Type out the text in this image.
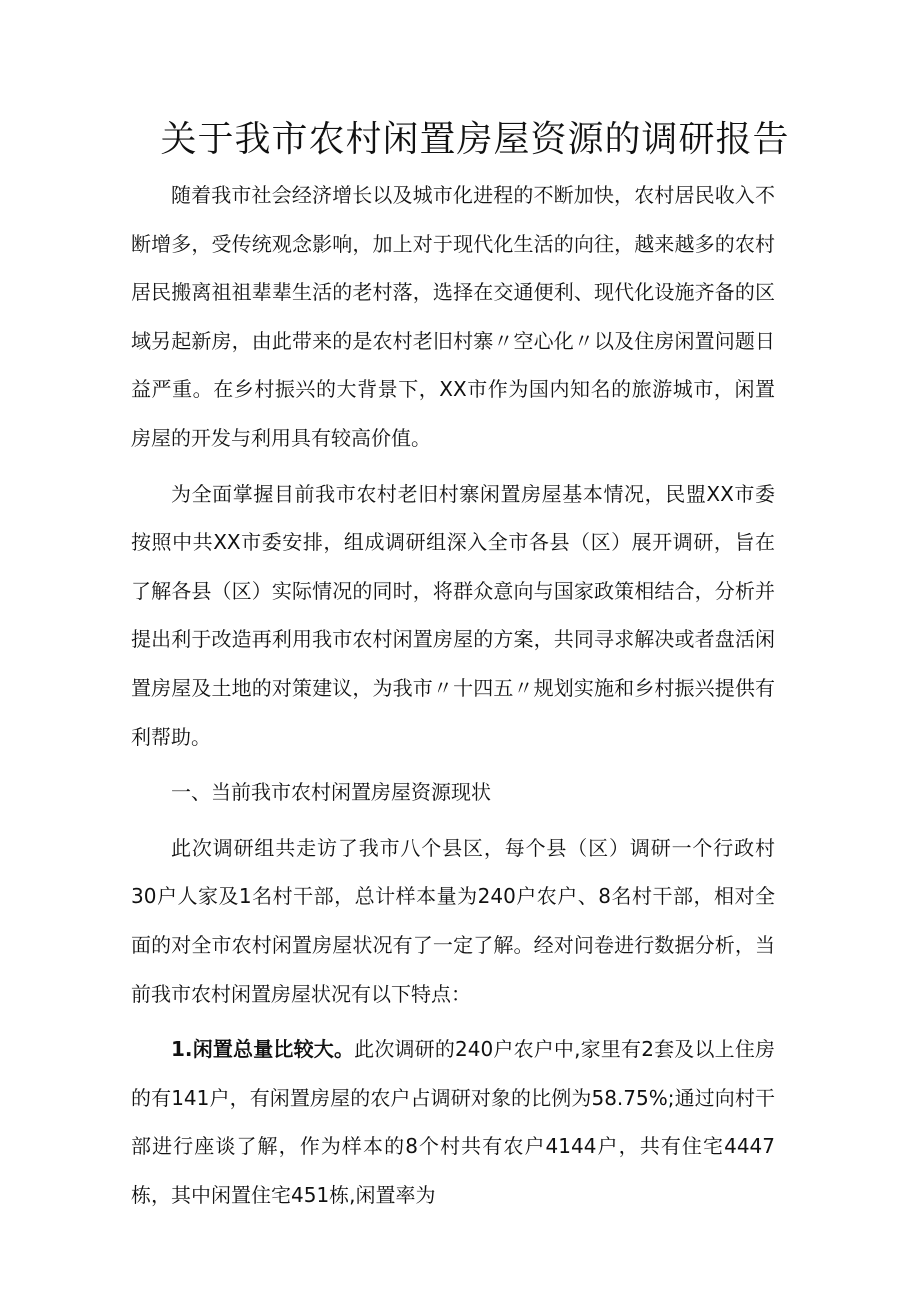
关于我市农村闲置房屋资源的调研报告

随着我市社会经济增长以及城市化进程的不断加快，农村居民收入不断增多，受传统观念影响，加上对于现代化生活的向往，越来越多的农村居民搬离祖祖辈辈生活的老村落，选择在交通便利、现代化设施齐备的区域另起新房，由此带来的是农村老旧村寨〃空心化〃以及住房闲置问题日益严重。在乡村振兴的大背景下，XX市作为国内知名的旅游城市，闲置房屋的开发与利用具有较高价值。

为全面掌握目前我市农村老旧村寨闲置房屋基本情况，民盟XX市委按照中共XX市委安排，组成调研组深入全市各县（区）展开调研，旨在了解各县（区）实际情况的同时，将群众意向与国家政策相结合，分析并提出利于改造再利用我市农村闲置房屋的方案，共同寻求解决或者盘活闲置房屋及土地的对策建议，为我市〃十四五〃规划实施和乡村振兴提供有利帮助。

一、当前我市农村闲置房屋资源现状

此次调研组共走访了我市八个县区，每个县（区）调研一个行政村30户人家及1名村干部，总计样本量为240户农户、8名村干部，相对全面的对全市农村闲置房屋状况有了一定了解。经对问卷进行数据分析，当前我市农村闲置房屋状况有以下特点：

1.闲置总量比较大。此次调研的240户农户中,家里有2套及以上住房的有141户，有闲置房屋的农户占调研对象的比例为58.75%;通过向村干部进行座谈了解，作为样本的8个村共有农户4144户，共有住宅4447栋，其中闲置住宅451栋,闲置率为
